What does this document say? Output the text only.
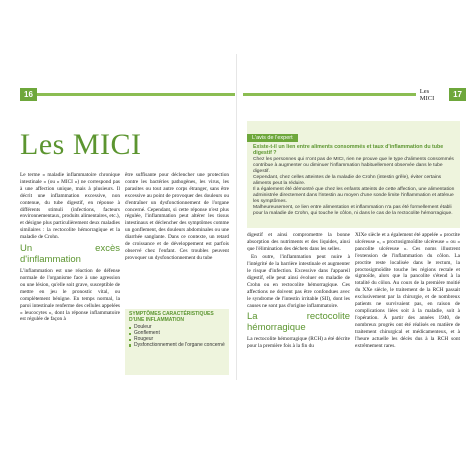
16
Les MICI

Le terme « maladie inflammatoire chronique intestinale » (ou « MICI ») ne correspond pas à une affection unique, mais à plusieurs. Il décrit une inflammation excessive, non contenue, du tube digestif, en réponse à différents stimuli (infections, facteurs environnementaux, produits alimentaires, etc.), et désigne plus particulièrement deux maladies similaires : la rectocolite hémorragique et la maladie de Crohn.

Un excès d'inflammation

L'inflammation est une réaction de défense normale de l'organisme face à une agression ou une lésion, qu'elle soit grave, susceptible de mettre en jeu le pronostic vital, ou complètement bénigne. En temps normal, la paroi intestinale renferme des cellules appelées « leucocytes », dont la réponse inflammatoire est régulée de façon à

être suffisante pour déclencher une protection contre les bactéries pathogènes, les virus, les parasites ou tout autre corps étranger, sans être excessive au point de provoquer des douleurs ou d'entraîner un dysfonctionnement de l'organe concerné. Cependant, si cette réponse n'est plus régulée, l'inflammation peut altérer les tissus intestinaux et déclencher des symptômes comme un gonflement, des douleurs abdominales ou une diarrhée sanglante. Dans ce contexte, un retard de croissance et de développement est parfois observé chez l'enfant. Ces troubles peuvent provoquer un dysfonctionnement du tube

SYMPTÔMES CARACTÉRISTIQUES D'UNE INFLAMMATION
Douleur
Gonflement
Rougeur
Dysfonctionnement de l'organe concerné
Les MICI	17
L'avis de l'expert

Existe-t-il un lien entre aliments consommés et taux d'inflammation du tube digestif ?

Chez les personnes qui n'ont pas de MICI, rien ne prouve que le type d'aliments consommés contribue à augmenter ou diminuer l'inflammation habituellement observée dans le tube digestif.

Cependant, chez celles atteintes de la maladie de Crohn (intestin grêle), éviter certains aliments peut la réduire.

Il a également été démontré que chez les enfants atteints de cette affection, une alimentation administrée directement dans l'intestin au moyen d'une sonde limite l'inflammation et atténue les symptômes.

Malheureusement, ce lien entre alimentation et inflammation n'a pas été formellement établi pour la maladie de Crohn, qui touche le côlon, ni dans le cas de la rectocolite hémorragique.

digestif et ainsi compromettre la bonne absorption des nutriments et des liquides, ainsi que l'élimination des déchets dans les selles.

En outre, l'inflammation peut nuire à l'intégrité de la barrière intestinale et augmenter le risque d'infection. Excessive dans l'appareil digestif, elle peut ainsi évoluer en maladie de Crohn ou en rectocolite hémorragique. Ces affections ne doivent pas être confondues avec le syndrome de l'intestin irritable (SII), dont les causes ne sont pas d'origine inflammatoire.

La rectocolite hémorragique

La rectocolite hémorragique (RCH) a été décrite pour la première fois à la fin du

XIXe siècle et a également été appelée « proctite ulcéreuse », « proctosigmoïdite ulcéreuse » ou « pancolite ulcéreuse ». Ces noms illustrent l'extension de l'inflammation du côlon. La proctite reste localisée dans le rectum, la proctosigmoïdite touche les régions rectale et sigmoïde, alors que la pancolite s'étend à la totalité du côlon. Au cours de la première moitié du XXe siècle, le traitement de la RCH passait exclusivement par la chirurgie, et de nombreux patients ne survivaient pas, en raison de complications liées soit à la maladie, soit à l'opération. À partir des années 1940, de nombreux progrès ont été réalisés en matière de traitement chirurgical et médicamenteux, et à l'heure actuelle les décès dus à la RCH sont extrêmement rares.
